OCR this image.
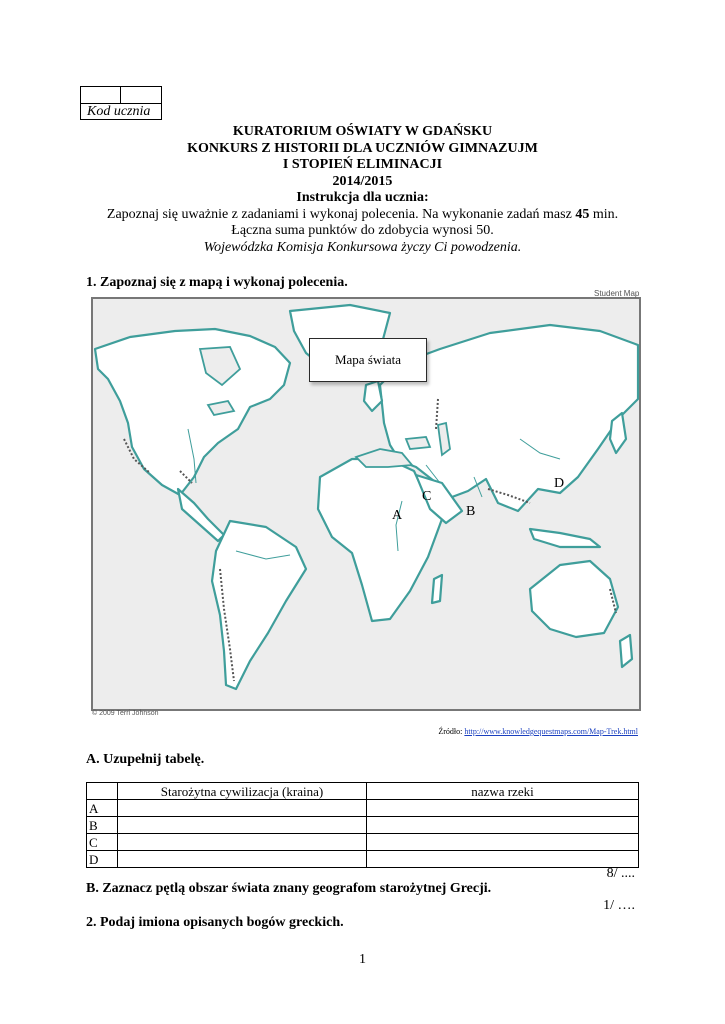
Kod ucznia
KURATORIUM OŚWIATY W GDAŃSKU
KONKURS Z HISTORII DLA UCZNIÓW GIMNAZUJM
I STOPIEŃ ELIMINACJI
2014/2015
Instrukcja dla ucznia:
Zapoznaj się uważnie z zadaniami i wykonaj polecenia. Na wykonanie zadań masz 45 min.
Łączna suma punktów do zdobycia wynosi 50.
Wojewódzka Komisja Konkursowa życzy Ci powodzenia.
1. Zapoznaj się z mapą i wykonaj polecenia.
Student Map
Mapa świata
A	B
C
D
© 2009 Terri Johnson
Źródło: http://www.knowledgequestmaps.com/Map-Trek.html
A. Uzupełnij tabelę.
	Starożytna cywilizacja (kraina)	nazwa rzeki
A		
B		
C		
D		
8/ ....
B. Zaznacz pętlą obszar świata znany geografom starożytnej Grecji.
1/ ….
2. Podaj imiona opisanych bogów greckich.
1
